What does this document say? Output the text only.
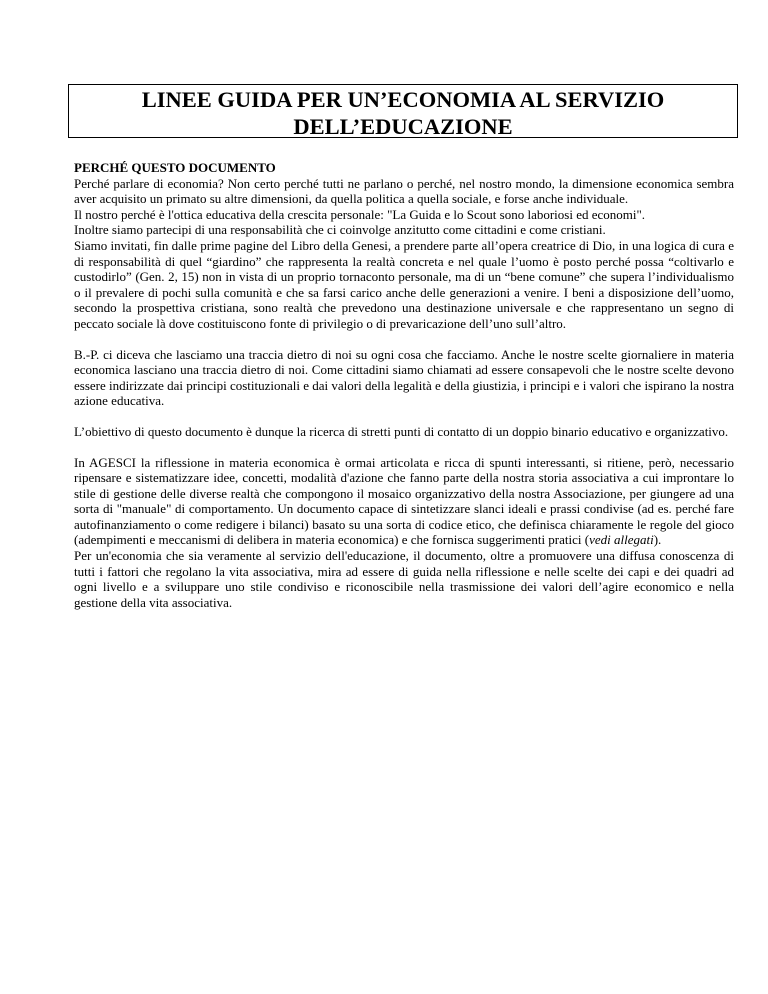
LINEE GUIDA PER UN’ECONOMIA AL SERVIZIO
DELL’EDUCAZIONE
PERCHÉ QUESTO DOCUMENTO

Perché parlare di economia? Non certo perché tutti ne parlano o perché, nel nostro mondo, la dimensione economica sembra aver acquisito un primato su altre dimensioni, da quella politica a quella sociale, e forse anche individuale.

Il nostro perché è l'ottica educativa della crescita personale: "La Guida e lo Scout sono laboriosi ed economi".

Inoltre siamo partecipi di una responsabilità che ci coinvolge anzitutto come cittadini e come cristiani.

Siamo invitati, fin dalle prime pagine del Libro della Genesi, a prendere parte all’opera creatrice di Dio, in una logica di cura e di responsabilità di quel “giardino” che rappresenta la realtà concreta e nel quale l’uomo è posto perché possa “coltivarlo e custodirlo” (Gen. 2, 15) non in vista di un proprio tornaconto personale, ma di un “bene comune” che supera l’individualismo o il prevalere di pochi sulla comunità e che sa farsi carico anche delle generazioni a venire. I beni a disposizione dell’uomo, secondo la prospettiva cristiana, sono realtà che prevedono una destinazione universale e che rappresentano un segno di peccato sociale là dove costituiscono fonte di privilegio o di prevaricazione dell’uno sull’altro.

B.-P. ci diceva che lasciamo una traccia dietro di noi su ogni cosa che facciamo. Anche le nostre scelte giornaliere in materia economica lasciano una traccia dietro di noi. Come cittadini siamo chiamati ad essere consapevoli che le nostre scelte devono essere indirizzate dai principi costituzionali e dai valori della legalità e della giustizia, i principi e i valori che ispirano la nostra azione educativa.

L’obiettivo di questo documento è dunque la ricerca di stretti punti di contatto di un doppio binario educativo e organizzativo.

In AGESCI la riflessione in materia economica è ormai articolata e ricca di spunti interessanti, si ritiene, però, necessario ripensare e sistematizzare idee, concetti, modalità d'azione che fanno parte della nostra storia associativa a cui improntare lo stile di gestione delle diverse realtà che compongono il mosaico organizzativo della nostra Associazione, per giungere ad una sorta di "manuale" di comportamento. Un documento capace di sintetizzare slanci ideali e prassi condivise (ad es. perché fare autofinanziamento o come redigere i bilanci) basato su una sorta di codice etico, che definisca chiaramente le regole del gioco (adempimenti e meccanismi di delibera in materia economica) e che fornisca suggerimenti pratici (vedi allegati).

Per un'economia che sia veramente al servizio dell'educazione, il documento, oltre a promuovere una diffusa conoscenza di tutti i fattori che regolano la vita associativa, mira ad essere di guida nella riflessione e nelle scelte dei capi e dei quadri ad ogni livello e a sviluppare uno stile condiviso e riconoscibile nella trasmissione dei valori dell’agire economico e nella gestione della vita associativa.
